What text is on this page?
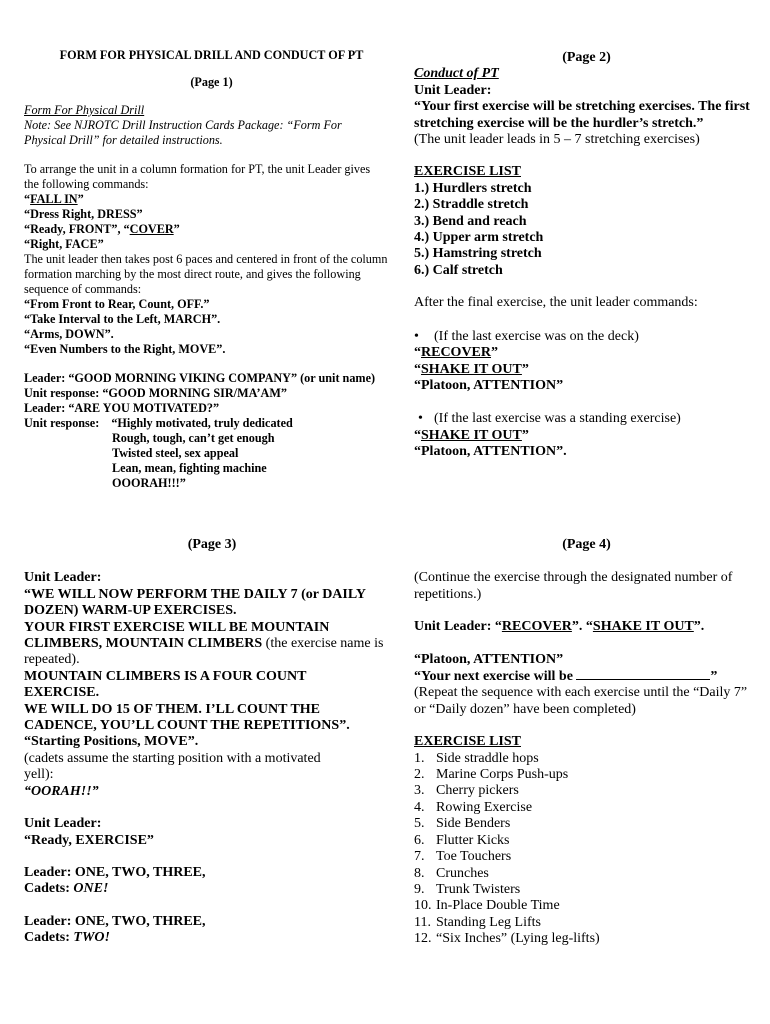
FORM FOR PHYSICAL DRILL AND CONDUCT OF PT
(Page 1)
Form For Physical Drill
Note: See NJROTC Drill Instruction Cards Package: “Form For
Physical Drill” for detailed instructions.
To arrange the unit in a column formation for PT, the unit Leader gives
the following commands:
“FALL IN”
“Dress Right, DRESS”
“Ready, FRONT”, “COVER”
“Right, FACE”
The unit leader then takes post 6 paces and centered in front of the column
formation marching by the most direct route, and gives the following
sequence of commands:
“From Front to Rear, Count, OFF.”
“Take Interval to the Left, MARCH”.
“Arms, DOWN”.
“Even Numbers to the Right, MOVE”.
Leader: “GOOD MORNING VIKING COMPANY” (or unit name)
Unit response: “GOOD MORNING SIR/MA’AM”
Leader: “ARE YOU MOTIVATED?”
Unit response: “Highly motivated, truly dedicated
Rough, tough, can’t get enough
Twisted steel, sex appeal
Lean, mean, fighting machine
OOORAH!!!”
(Page 2)
Conduct of PT
Unit Leader:
“Your first exercise will be stretching exercises. The first
stretching exercise will be the hurdler’s stretch.”
(The unit leader leads in 5 – 7 stretching exercises)
EXERCISE LIST
1.) Hurdlers stretch
2.) Straddle stretch
3.) Bend and reach
4.) Upper arm stretch
5.) Hamstring stretch
6.) Calf stretch
After the final exercise, the unit leader commands:
• (If the last exercise was on the deck)
“RECOVER”
“SHAKE IT OUT”
“Platoon, ATTENTION”
• (If the last exercise was a standing exercise)
“SHAKE IT OUT”
“Platoon, ATTENTION”.
(Page 3)
Unit Leader:
“WE WILL NOW PERFORM THE DAILY 7 (or DAILY
DOZEN) WARM-UP EXERCISES.
YOUR FIRST EXERCISE WILL BE MOUNTAIN
CLIMBERS, MOUNTAIN CLIMBERS (the exercise name is
repeated).
MOUNTAIN CLIMBERS IS A FOUR COUNT
EXERCISE.
WE WILL DO 15 OF THEM. I’LL COUNT THE
CADENCE, YOU’LL COUNT THE REPETITIONS”.
“Starting Positions, MOVE”.
(cadets assume the starting position with a motivated
yell):
“OORAH!!”
Unit Leader:
“Ready, EXERCISE”
Leader: ONE, TWO, THREE,
Cadets: ONE!
Leader: ONE, TWO, THREE,
Cadets: TWO!
(Page 4)
(Continue the exercise through the designated number of
repetitions.)
Unit Leader: “RECOVER”. “SHAKE IT OUT”.
“Platoon, ATTENTION”
“Your next exercise will be	”
(Repeat the sequence with each exercise until the “Daily 7”
or “Daily dozen” have been completed)
EXERCISE LIST
1. Side straddle hops
2. Marine Corps Push-ups
3. Cherry pickers
4. Rowing Exercise
5. Side Benders
6. Flutter Kicks
7. Toe Touchers
8. Crunches
9. Trunk Twisters
10. In-Place Double Time
11. Standing Leg Lifts
12. “Six Inches” (Lying leg-lifts)
